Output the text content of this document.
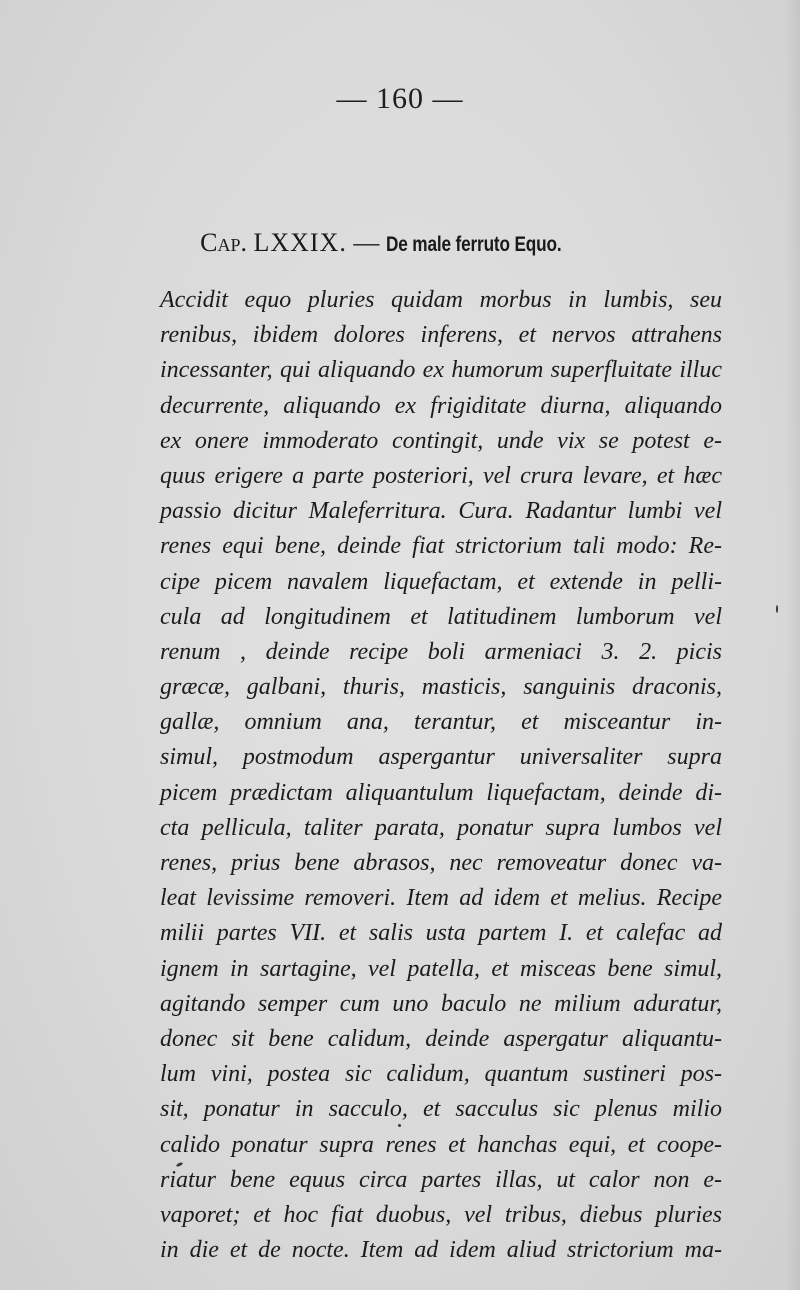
— 160 —
Cap. LXXIX. — De male ferruto Equo.
Accidit equo pluries quidam morbus in lumbis, seu
renibus, ibidem dolores inferens, et nervos attrahens
incessanter, qui aliquando ex humorum superfluitate illuc
decurrente, aliquando ex frigiditate diurna, aliquando
ex onere immoderato contingit, unde vix se potest e-
quus erigere a parte posteriori, vel crura levare, et hæc
passio dicitur Maleferritura. Cura. Radantur lumbi vel
renes equi bene, deinde fiat strictorium tali modo: Re-
cipe picem navalem liquefactam, et extende in pelli-
cula ad longitudinem et latitudinem lumborum vel
renum , deinde recipe boli armeniaci 3. 2. picis
græcæ, galbani, thuris, masticis, sanguinis draconis,
gallæ, omnium ana, terantur, et misceantur in-
simul, postmodum aspergantur universaliter supra
picem prædictam aliquantulum liquefactam, deinde di-
cta pellicula, taliter parata, ponatur supra lumbos vel
renes, prius bene abrasos, nec removeatur donec va-
leat levissime removeri. Item ad idem et melius. Recipe
milii partes VII. et salis usta partem I. et calefac ad
ignem in sartagine, vel patella, et misceas bene simul,
agitando semper cum uno baculo ne milium aduratur,
donec sit bene calidum, deinde aspergatur aliquantu-
lum vini, postea sic calidum, quantum sustineri pos-
sit, ponatur in sacculo, et sacculus sic plenus milio
calido ponatur supra renes et hanchas equi, et coope-
riatur bene equus circa partes illas, ut calor non e-
vaporet; et hoc fiat duobus, vel tribus, diebus pluries
in die et de nocte. Item ad idem aliud strictorium ma-
